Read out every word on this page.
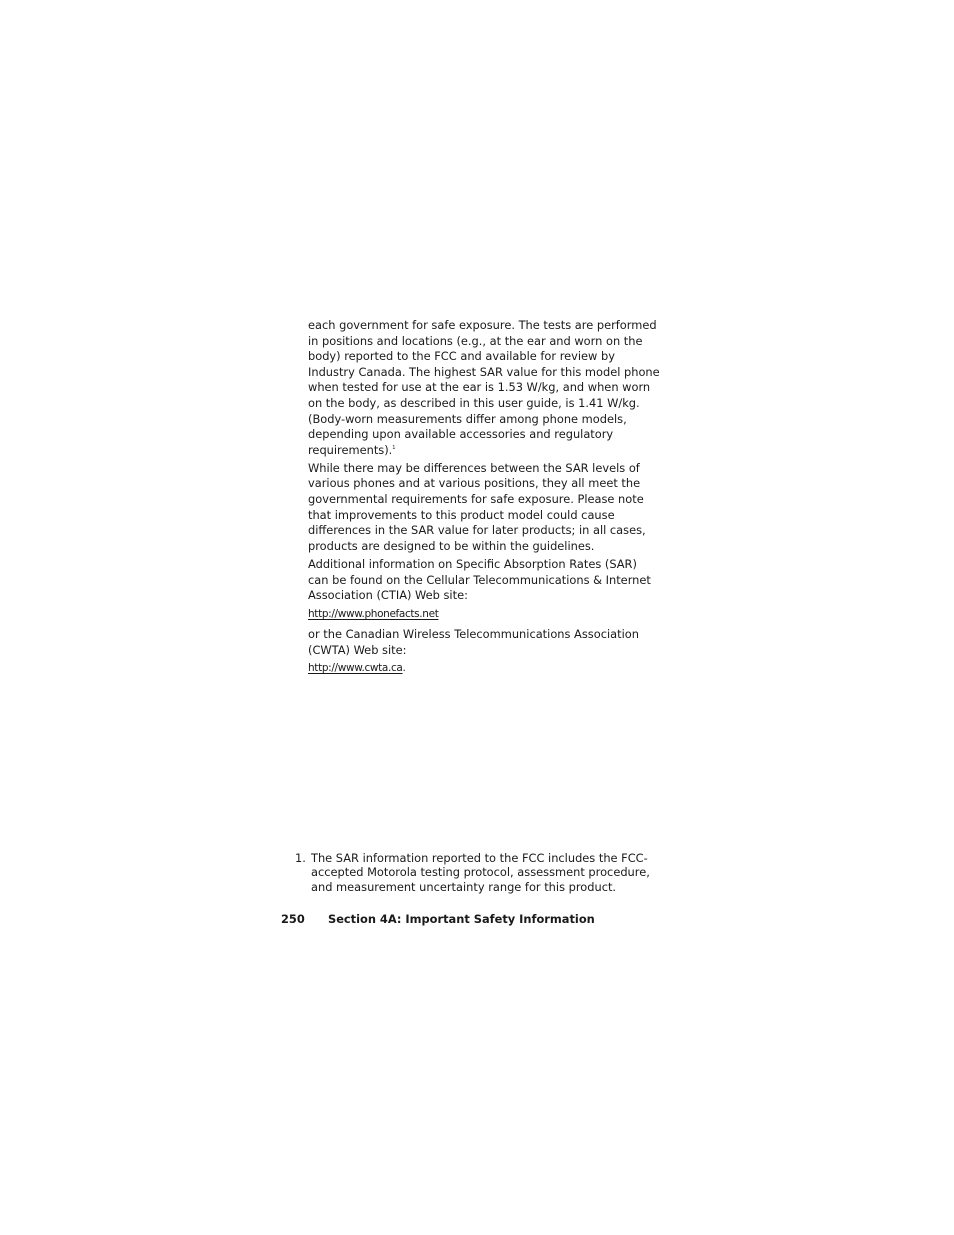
each government for safe exposure. The tests are performed in positions and locations (e.g., at the ear and worn on the body) reported to the FCC and available for review by Industry Canada. The highest SAR value for this model phone when tested for use at the ear is 1.53 W/kg, and when worn on the body, as described in this user guide, is 1.41 W/kg. (Body-worn measurements differ among phone models, depending upon available accessories and regulatory requirements).$^1$

While there may be differences between the SAR levels of various phones and at various positions, they all meet the governmental requirements for safe exposure. Please note that improvements to this product model could cause differences in the SAR value for later products; in all cases, products are designed to be within the guidelines.

Additional information on Specific Absorption Rates (SAR) can be found on the Cellular Telecommunications & Internet Association (CTIA) Web site:

http://www.phonefacts.net

or the Canadian Wireless Telecommunications Association (CWTA) Web site:

http://www.cwta.ca.

1. The SAR information reported to the FCC includes the FCC-accepted Motorola testing protocol, assessment procedure, and measurement uncertainty range for this product.
250	Section 4A: Important Safety Information
